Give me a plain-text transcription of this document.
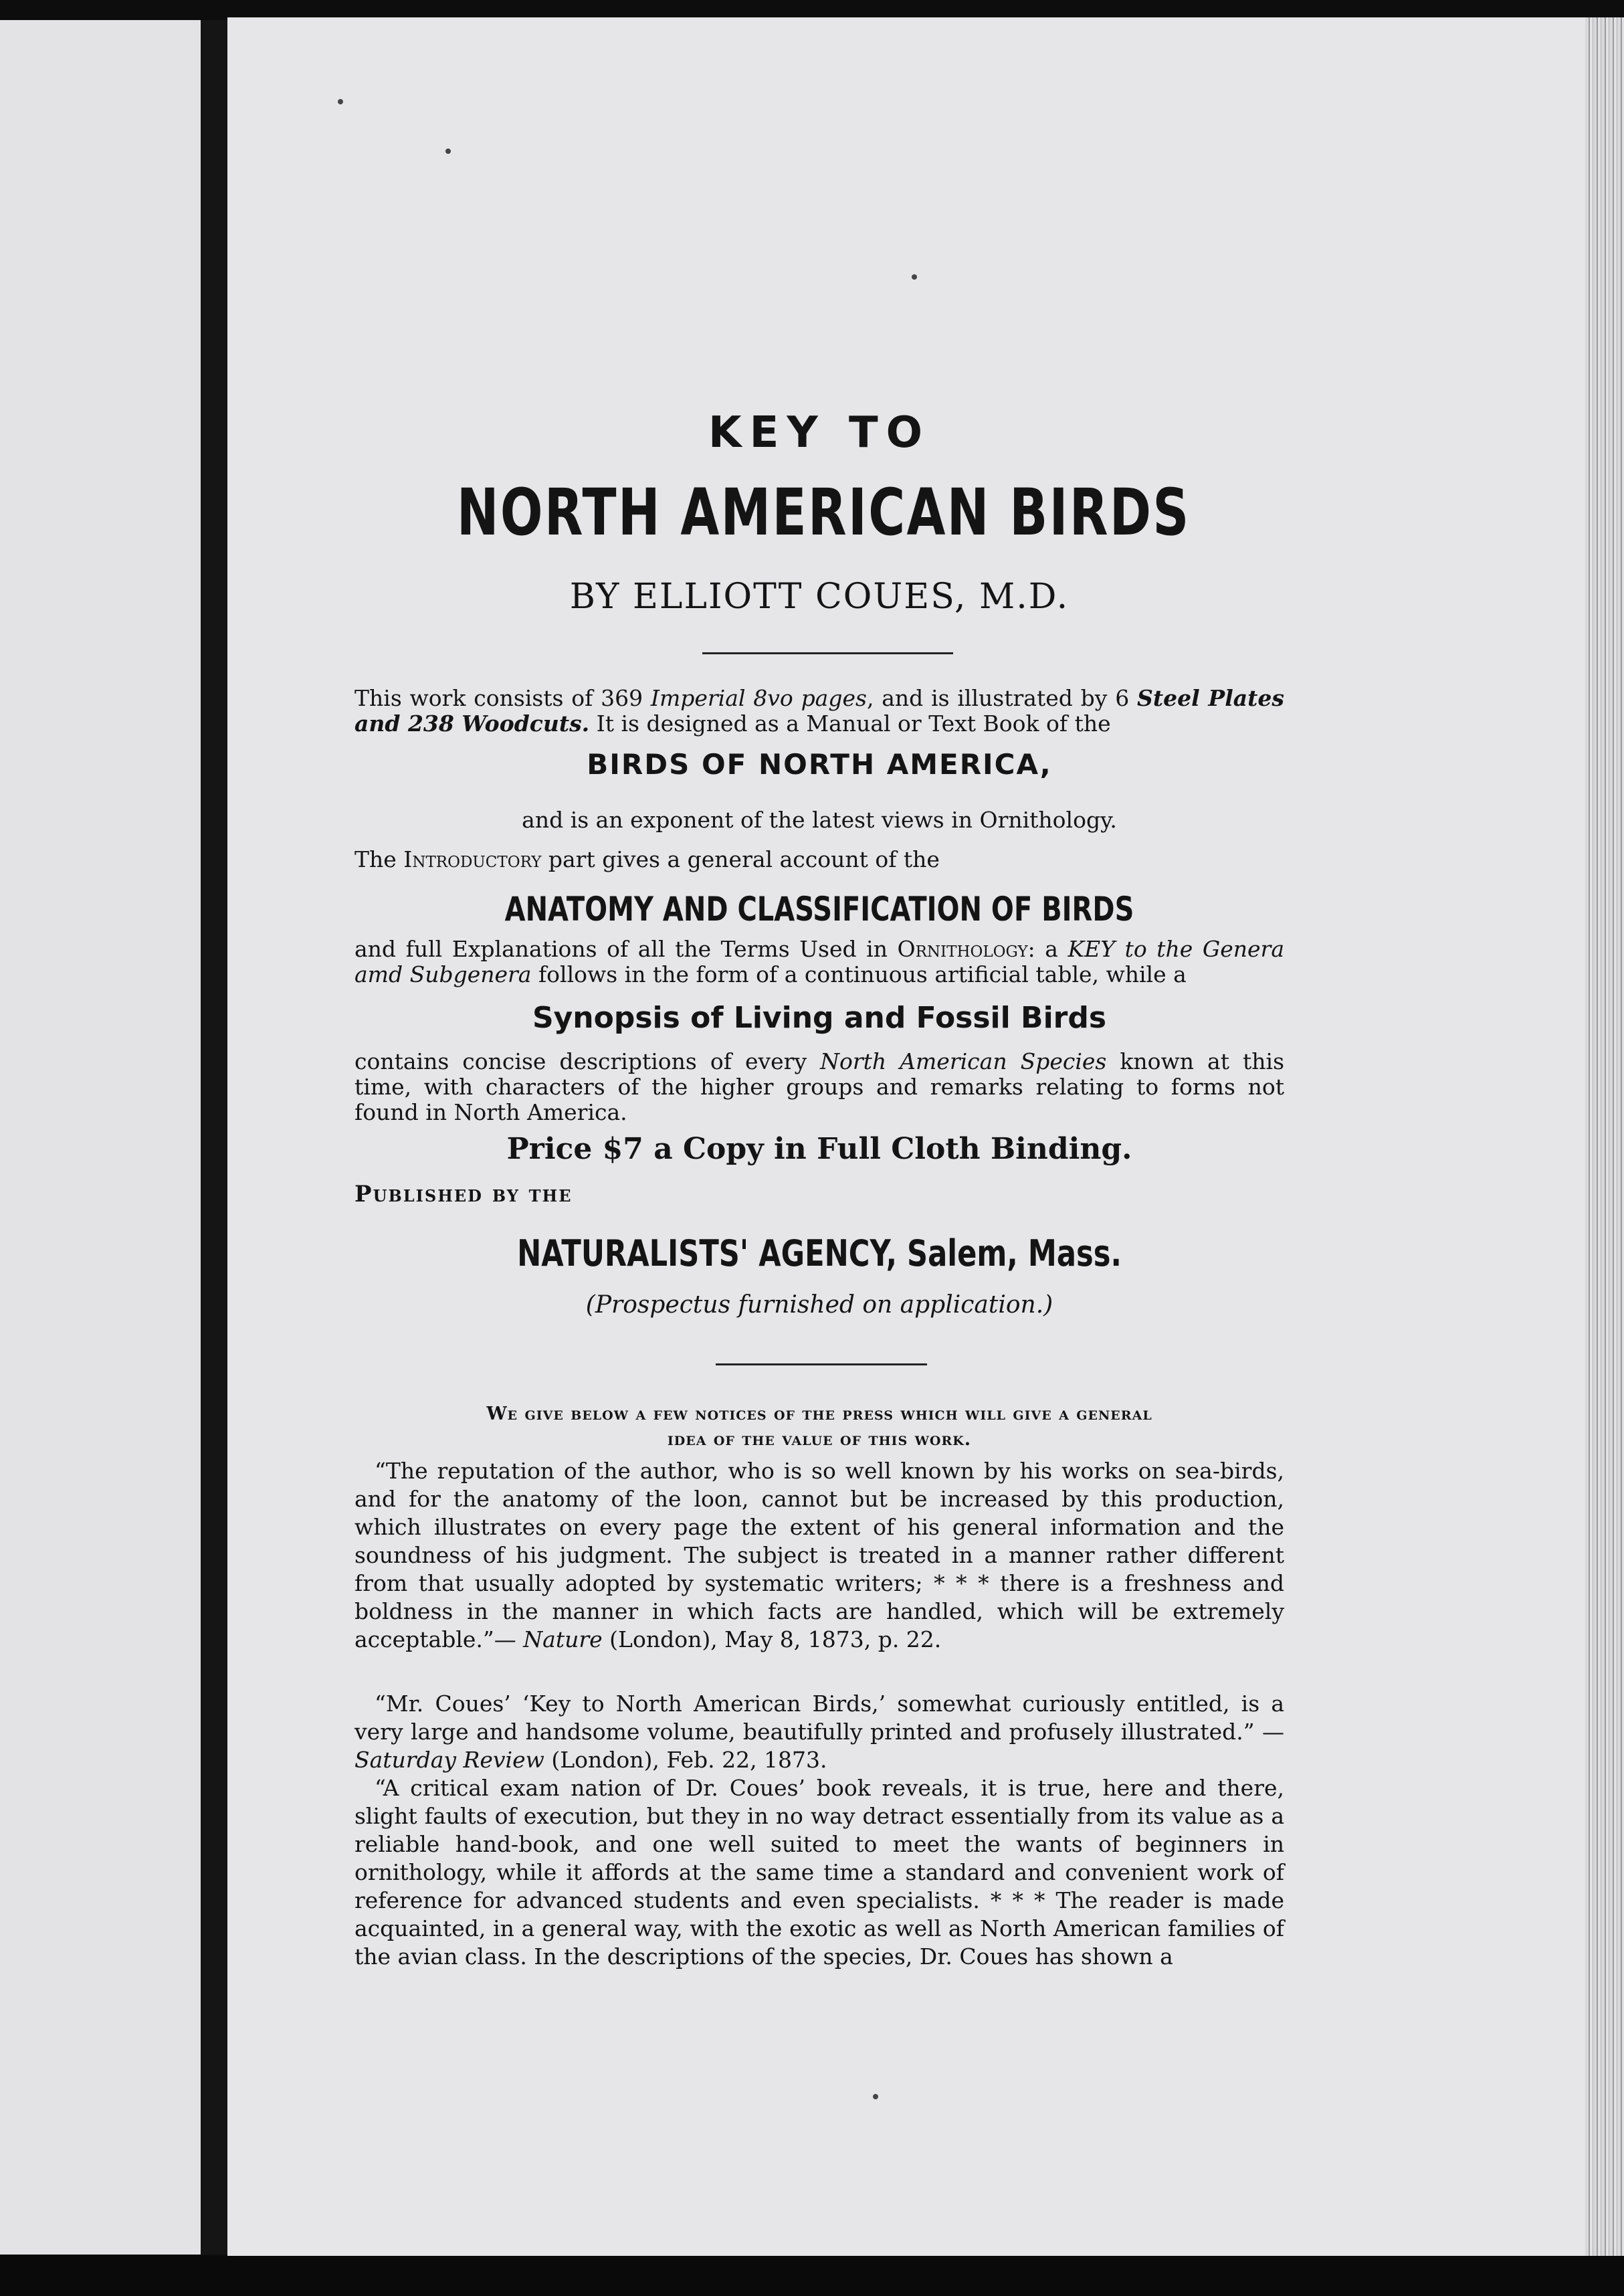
KEY TO
NORTH AMERICAN BIRDS
BY ELLIOTT COUES, M.D.
This work consists of 369 Imperial 8vo pages, and is illustrated by 6 Steel Plates and 238 Woodcuts. It is designed as a Manual or Text Book of the
BIRDS OF NORTH AMERICA,
and is an exponent of the latest views in Ornithology.
The Introductory part gives a general account of the
ANATOMY AND CLASSIFICATION OF BIRDS
and full Explanations of all the Terms Used in Ornithology: a KEY to the Genera amd Subgenera follows in the form of a continuous artificial table, while a
Synopsis of Living and Fossil Birds
contains concise descriptions of every North American Species known at this time, with characters of the higher groups and remarks relating to forms not found in North America.
Price $7 a Copy in Full Cloth Binding.
Published by the
NATURALISTS' AGENCY, Salem, Mass.
(Prospectus furnished on application.)
We give below a few notices of the press which will give a general
idea of the value of this work.
“The reputation of the author, who is so well known by his works on sea-birds, and for the anatomy of the loon, cannot but be increased by this production, which illustrates on every page the extent of his general information and the soundness of his judgment. The subject is treated in a manner rather different from that usually adopted by systematic writers; * * * there is a freshness and boldness in the manner in which facts are handled, which will be extremely acceptable.”— Nature (London), May 8, 1873, p. 22.
“Mr. Coues’ ‘Key to North American Birds,’ somewhat curiously entitled, is a very large and handsome volume, beautifully printed and profusely illustrated.” — Saturday Review (London), Feb. 22, 1873.
“A critical exam nation of Dr. Coues’ book reveals, it is true, here and there, slight faults of execution, but they in no way detract essentially from its value as a reliable hand-book, and one well suited to meet the wants of beginners in ornithology, while it affords at the same time a standard and convenient work of reference for advanced students and even specialists. * * * The reader is made acquainted, in a general way, with the exotic as well as North American families of the avian class. In the descriptions of the species, Dr. Coues has shown a
